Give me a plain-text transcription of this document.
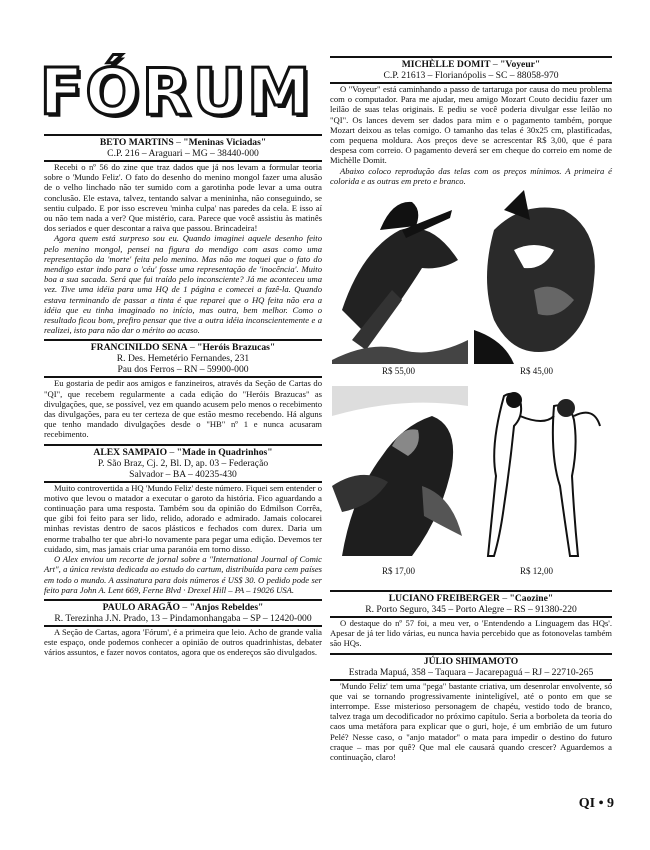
FÓRUM
BETO MARTINS – "Meninas Viciadas"
C.P. 216 – Araguari – MG – 38440-000

Recebi o nº 56 do zine que traz dados que já nos levam a formular teoria sobre o 'Mundo Feliz'. O fato do desenho do menino mongol fazer uma alusão de o velho linchado não ter sumido com a garotinha pode levar a uma outra conclusão. Ele estava, talvez, tentando salvar a menininha, não conseguindo, se sentiu culpado. E por isso escreveu 'minha culpa' nas paredes da cela. E isso aí ou não tem nada a ver? Que mistério, cara. Parece que você assistiu às matinês dos seriados e quer descontar a raiva que passou. Brincadeira!

Agora quem está surpreso sou eu. Quando imaginei aquele desenho feito pelo menino mongol, pensei na figura do mendigo com asas como uma representação da 'morte' feita pelo menino. Mas não me toquei que o fato do mendigo estar indo para o 'céu' fosse uma representação de 'inocência'. Muito boa a sua sacada. Será que fui traído pelo inconsciente? Já me aconteceu uma vez. Tive uma idéia para uma HQ de 1 página e comecei a fazê-la. Quando estava terminando de passar a tinta é que reparei que o HQ feita não era a idéia que eu tinha imaginado no início, mas outra, bem melhor. Como o resultado ficou bom, prefiro pensar que tive a outra idéia inconscientemente e a realizei, isto para não dar o mérito ao acaso.

FRANCINILDO SENA – "Heróis Brazucas"
R. Des. Hemetério Fernandes, 231
Pau dos Ferros – RN – 59900-000

Eu gostaria de pedir aos amigos e fanzineiros, através da Seção de Cartas do "QI", que recebem regularmente a cada edição do "Heróis Brazucas" as divulgações, que, se possível, vez em quando acusem pelo menos o recebimento das divulgações, para eu ter certeza de que estão mesmo recebendo. Há alguns que tenho mandado divulgações desde o "HB" nº 1 e nunca acusaram recebimento.

ALEX SAMPAIO – "Made in Quadrinhos"
P. São Braz, Cj. 2, Bl. D, ap. 03 – Federação
Salvador – BA – 40235-430

Muito controvertida a HQ 'Mundo Feliz' deste número. Fiquei sem entender o motivo que levou o matador a executar o garoto da história. Fico aguardando a continuação para uma resposta. Também sou da opinião do Edmilson Corrêa, que gibi foi feito para ser lido, relido, adorado e admirado. Jamais colocarei minhas revistas dentro de sacos plásticos e fechados com durex. Daria um enorme trabalho ter que abri-lo novamente para pegar uma edição. Devemos ter cuidado, sim, mas jamais criar uma paranóia em torno disso.

O Alex enviou um recorte de jornal sobre a "International Journal of Comic Art", a única revista dedicada ao estudo do cartum, distribuída para cem países em todo o mundo. A assinatura para dois números é US$ 30. O pedido pode ser feito para John A. Lent 669, Ferne Blvd · Drexel Hill – PA – 19026 USA.

PAULO ARAGÃO – "Anjos Rebeldes"
R. Terezinha J.N. Prado, 13 – Pindamonhangaba – SP – 12420-000

A Seção de Cartas, agora 'Fórum', é a primeira que leio. Acho de grande valia este espaço, onde podemos conhecer a opinião de outros quadrinhistas, debater vários assuntos, e fazer novos contatos, agora que os endereços são divulgados.

MICHÈLLE DOMIT – "Voyeur"
C.P. 21613 – Florianópolis – SC – 88058-970

O "Voyeur" está caminhando a passo de tartaruga por causa do meu problema com o computador. Para me ajudar, meu amigo Mozart Couto decidiu fazer um leilão de suas telas originais. E pediu se você poderia divulgar esse leilão no "QI". Os lances devem ser dados para mim e o pagamento também, porque Mozart deixou as telas comigo. O tamanho das telas é 30x25 cm, plastificadas, com pequena moldura. Aos preços deve se acrescentar R$ 3,00, que é para despesa com correio. O pagamento deverá ser em cheque do correio em nome de Michèlle Domit.

Abaixo coloco reprodução das telas com os preços mínimos. A primeira é colorida e as outras em preto e branco.

R$ 55,00	R$ 45,00
R$ 17,00	R$ 12,00
LUCIANO FREIBERGER – "Caozine"
R. Porto Seguro, 345 – Porto Alegre – RS – 91380-220

O destaque do nº 57 foi, a meu ver, o 'Entendendo a Linguagem das HQs'. Apesar de já ter lido várias, eu nunca havia percebido que as fotonovelas também são HQs.

JÚLIO SHIMAMOTO
Estrada Mapuá, 358 – Taquara – Jacarepaguá – RJ – 22710-265

'Mundo Feliz' tem uma "pega" bastante criativa, um desenrolar envolvente, só que vai se tornando progressivamente ininteligível, até o ponto em que se interrompe. Esse misterioso personagem de chapéu, vestido todo de branco, talvez traga um decodificador no próximo capítulo. Seria a borboleta da teoria do caos uma metáfora para explicar que o guri, hoje, é um embrião de um futuro Pelé? Nesse caso, o "anjo matador" o mata para impedir o destino do futuro craque – mas por quê? Que mal ele causará quando crescer? Aguardemos a continuação, claro!

QI • 9
